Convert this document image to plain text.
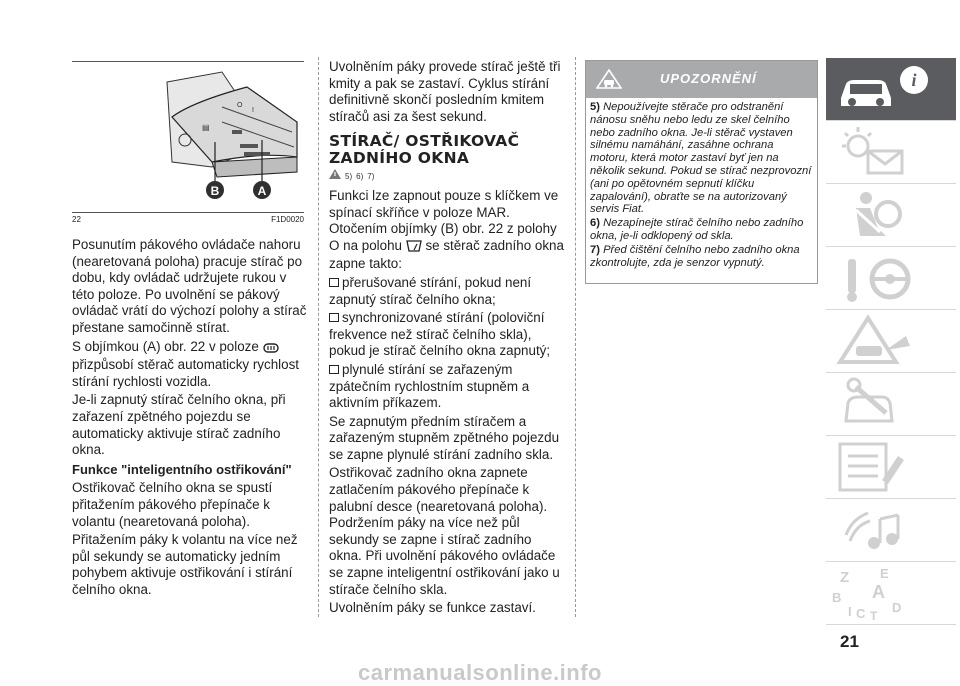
O
I
▤
B	A
22	F1D0020

Posunutím pákového ovládače nahoru (nearetovaná poloha) pracuje stírač po dobu, kdy ovládač udržujete rukou v této poloze. Po uvolnění se pákový ovládač vrátí do výchozí polohy a stírač přestane samočinně stírat.

S objímkou (A) obr. 22 v poloze  přizpůsobí stěrač automaticky rychlost stírání rychlosti vozidla.

Je-li zapnutý stírač čelního okna, při zařazení zpětného pojezdu se automaticky aktivuje stírač zadního okna.

Funkce "inteligentního ostřikování"

Ostřikovač čelního okna se spustí přitažením pákového přepínače k volantu (nearetovaná poloha).

Přitažením páky k volantu na více než půl sekundy se automaticky jedním pohybem aktivuje ostřikování i stírání čelního okna.

Uvolněním páky provede stírač ještě tři kmity a pak se zastaví. Cyklus stírání definitivně skončí posledním kmitem stíračů asi za šest sekund.

STÍRAČ/ OSTŘIKOVAČ ZADNÍHO OKNA
5) 6) 7)

Funkci lze zapnout pouze s klíčkem ve spínací skříňce v poloze MAR. Otočením objímky (B) obr. 22 z polohy O na polohu se stěrač zadního okna zapne takto:

přerušované stírání, pokud není zapnutý stírač čelního okna;

synchronizované stírání (poloviční frekvence než stírač čelního skla), pokud je stírač čelního okna zapnutý;

plynulé stírání se zařazeným zpátečním rychlostním stupněm a aktivním příkazem.

Se zapnutým předním stíračem a zařazeným stupněm zpětného pojezdu se zapne plynulé stírání zadního skla.

Ostřikovač zadního okna zapnete zatlačením pákového přepínače k palubní desce (nearetovaná poloha). Podržením páky na více než půl sekundy se zapne i stírač zadního okna. Při uvolnění pákového ovládače se zapne inteligentní ostřikování jako u stírače čelního skla.

Uvolněním páky se funkce zastaví.

UPOZORNĚNÍ

5) Nepoužívejte stěrače pro odstranění nánosu sněhu nebo ledu ze skel čelního nebo zadního okna. Je-li stěrač vystaven silnému namáhání, zasáhne ochrana motoru, která motor zastaví byť jen na několik sekund. Pokud se stírač nezprovozní (ani po opětovném sepnutí klíčku zapalování), obraťte se na autorizovaný servis Fiat.

6) Nezapínejte stírač čelního nebo zadního okna, je-li odklopený od skla.

7) Před čištění čelního nebo zadního okna zkontrolujte, zda je senzor vypnutý.

i
Z E
B A
I C T
D
21
carmanualsonline.info
